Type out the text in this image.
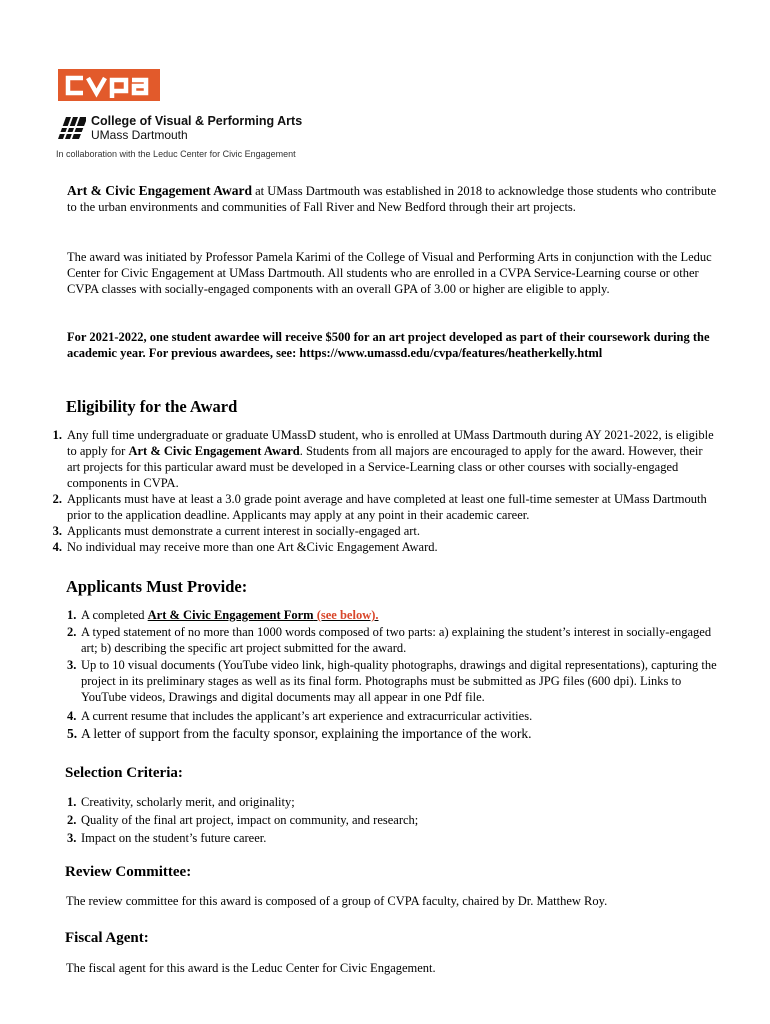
College of Visual & Performing Arts

UMass Dartmouth

In collaboration with the Leduc Center for Civic Engagement

Art & Civic Engagement Award at UMass Dartmouth was established in 2018 to acknowledge those students who contribute to the urban environments and communities of Fall River and New Bedford through their art projects.

The award was initiated by Professor Pamela Karimi of the College of Visual and Performing Arts in conjunction with the Leduc Center for Civic Engagement at UMass Dartmouth. All students who are enrolled in a CVPA Service-Learning course or other CVPA classes with socially-engaged components with an overall GPA of 3.00 or higher are eligible to apply.

For 2021-2022, one student awardee will receive $500 for an art project developed as part of their coursework during the academic year. For previous awardees, see: https://www.umassd.edu/cvpa/features/heatherkelly.html

Eligibility for the Award
1. Any full time undergraduate or graduate UMassD student, who is enrolled at UMass Dartmouth during AY 2021-2022, is eligible to apply for Art & Civic Engagement Award. Students from all majors are encouraged to apply for the award. However, their art projects for this particular award must be developed in a Service-Learning class or other courses with socially-engaged components in CVPA.
2. Applicants must have at least a 3.0 grade point average and have completed at least one full-time semester at UMass Dartmouth prior to the application deadline. Applicants may apply at any point in their academic career.
3. Applicants must demonstrate a current interest in socially-engaged art.
4. No individual may receive more than one Art &Civic Engagement Award.
Applicants Must Provide:
1. A completed Art & Civic Engagement Form (see below).
2. A typed statement of no more than 1000 words composed of two parts: a) explaining the student’s interest in socially-engaged art; b) describing the specific art project submitted for the award.
3. Up to 10 visual documents (YouTube video link, high-quality photographs, drawings and digital representations), capturing the project in its preliminary stages as well as its final form. Photographs must be submitted as JPG files (600 dpi). Links to YouTube videos, Drawings and digital documents may all appear in one Pdf file.
4. A current resume that includes the applicant’s art experience and extracurricular activities.
5. A letter of support from the faculty sponsor, explaining the importance of the work.
Selection Criteria:
1. Creativity, scholarly merit, and originality;
2. Quality of the final art project, impact on community, and research;
3. Impact on the student’s future career.
Review Committee:

The review committee for this award is composed of a group of CVPA faculty, chaired by Dr. Matthew Roy.

Fiscal Agent:

The fiscal agent for this award is the Leduc Center for Civic Engagement.
